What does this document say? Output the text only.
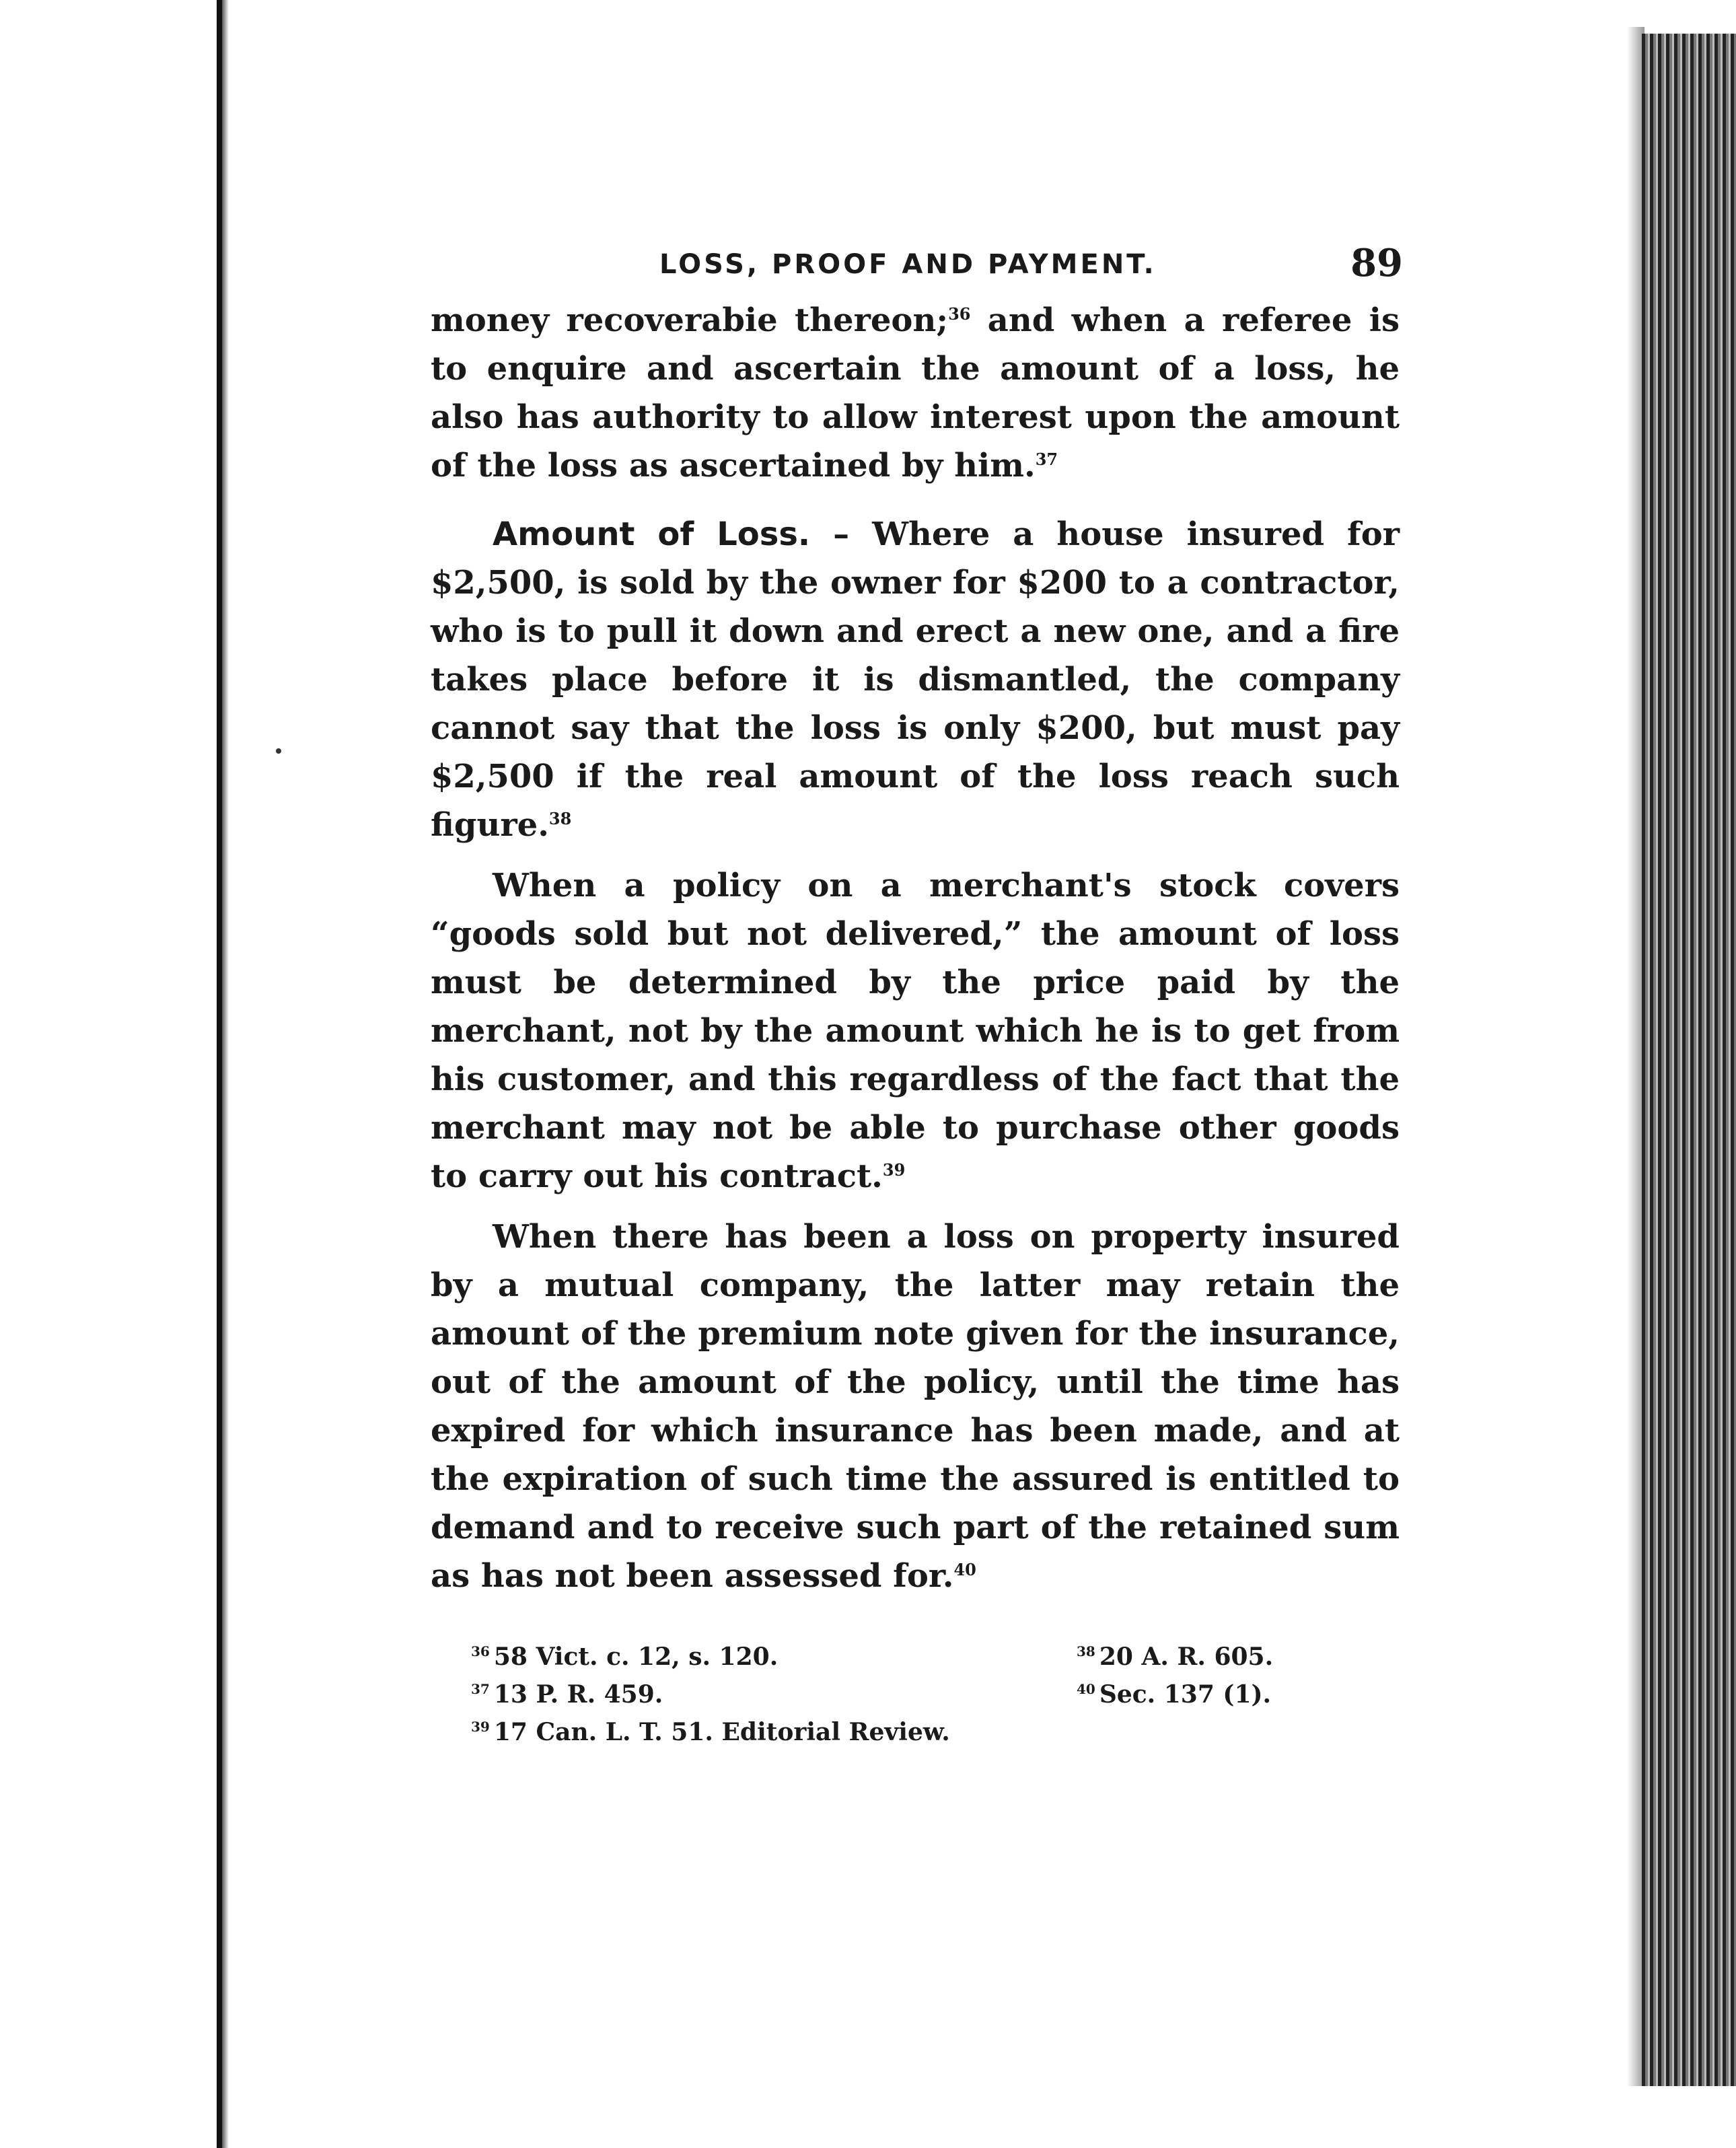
LOSS, PROOF AND PAYMENT.	89

money recoverabie thereon;$^{36}$ and when a referee is to enquire and ascertain the amount of a loss, he also has authority to allow interest upon the amount of the loss as ascertained by him.$^{37}$

Amount of Loss. – Where a house insured for $2,500, is sold by the owner for $200 to a contractor, who is to pull it down and erect a new one, and a fire takes place before it is dismantled, the company cannot say that the loss is only $200, but must pay $2,500 if the real amount of the loss reach such figure.$^{38}$

When a policy on a merchant's stock covers “goods sold but not delivered,” the amount of loss must be determined by the price paid by the merchant, not by the amount which he is to get from his customer, and this regardless of the fact that the merchant may not be able to purchase other goods to carry out his contract.$^{39}$

When there has been a loss on property insured by a mutual company, the latter may retain the amount of the premium note given for the insurance, out of the amount of the policy, until the time has expired for which insurance has been made, and at the expiration of such time the assured is entitled to demand and to receive such part of the retained sum as has not been assessed for.$^{40}$

$^{36}$ 58 Vict. c. 12, s. 120.
$^{37}$ 13 P. R. 459.
$^{39}$ 17 Can. L. T. 51. Editorial Review.
$^{38}$ 20 A. R. 605.
$^{40}$ Sec. 137 (1).
